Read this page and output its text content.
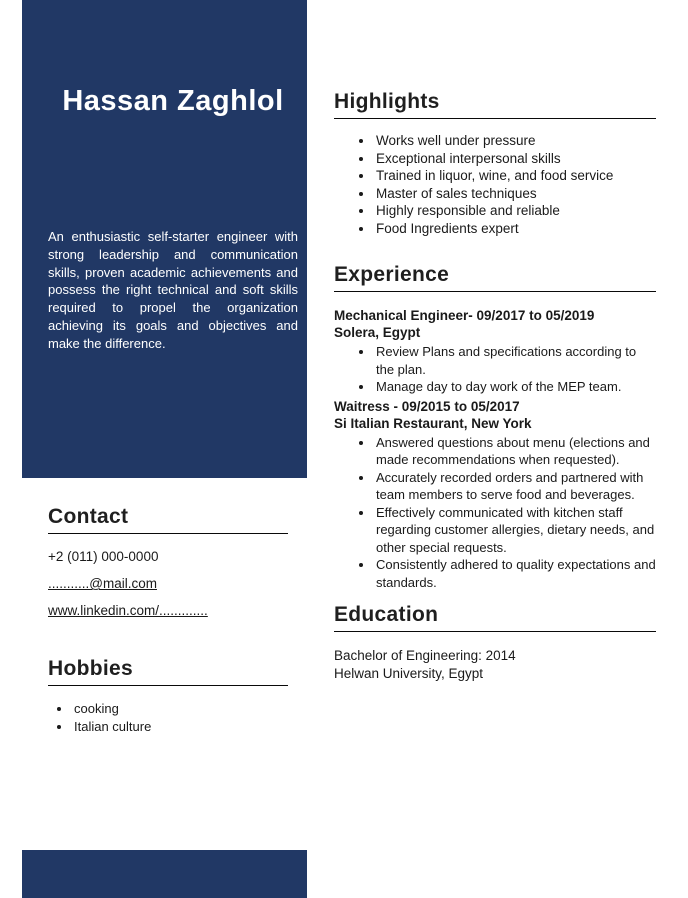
Hassan Zaghlol
An enthusiastic self-starter engineer with strong leadership and communication skills, proven academic achievements and possess the right technical and soft skills required to propel the organization achieving its goals and objectives and make the difference.
Contact
+2 (011) 000-0000
...........@mail.com
www.linkedin.com/.............
Hobbies
• cooking
• Italian culture
Highlights
• Works well under pressure
• Exceptional interpersonal skills
• Trained in liquor, wine, and food service
• Master of sales techniques
• Highly responsible and reliable
• Food Ingredients expert
Experience
Mechanical Engineer- 09/2017 to 05/2019
Solera, Egypt
• Review Plans and specifications according to the plan.
• Manage day to day work of the MEP team.
Waitress - 09/2015 to 05/2017
Si Italian Restaurant, New York
• Answered questions about menu (elections and made recommendations when requested).
• Accurately recorded orders and partnered with team members to serve food and beverages.
• Effectively communicated with kitchen staff regarding customer allergies, dietary needs, and other special requests.
• Consistently adhered to quality expectations and standards.
Education
Bachelor of Engineering: 2014
Helwan University, Egypt
